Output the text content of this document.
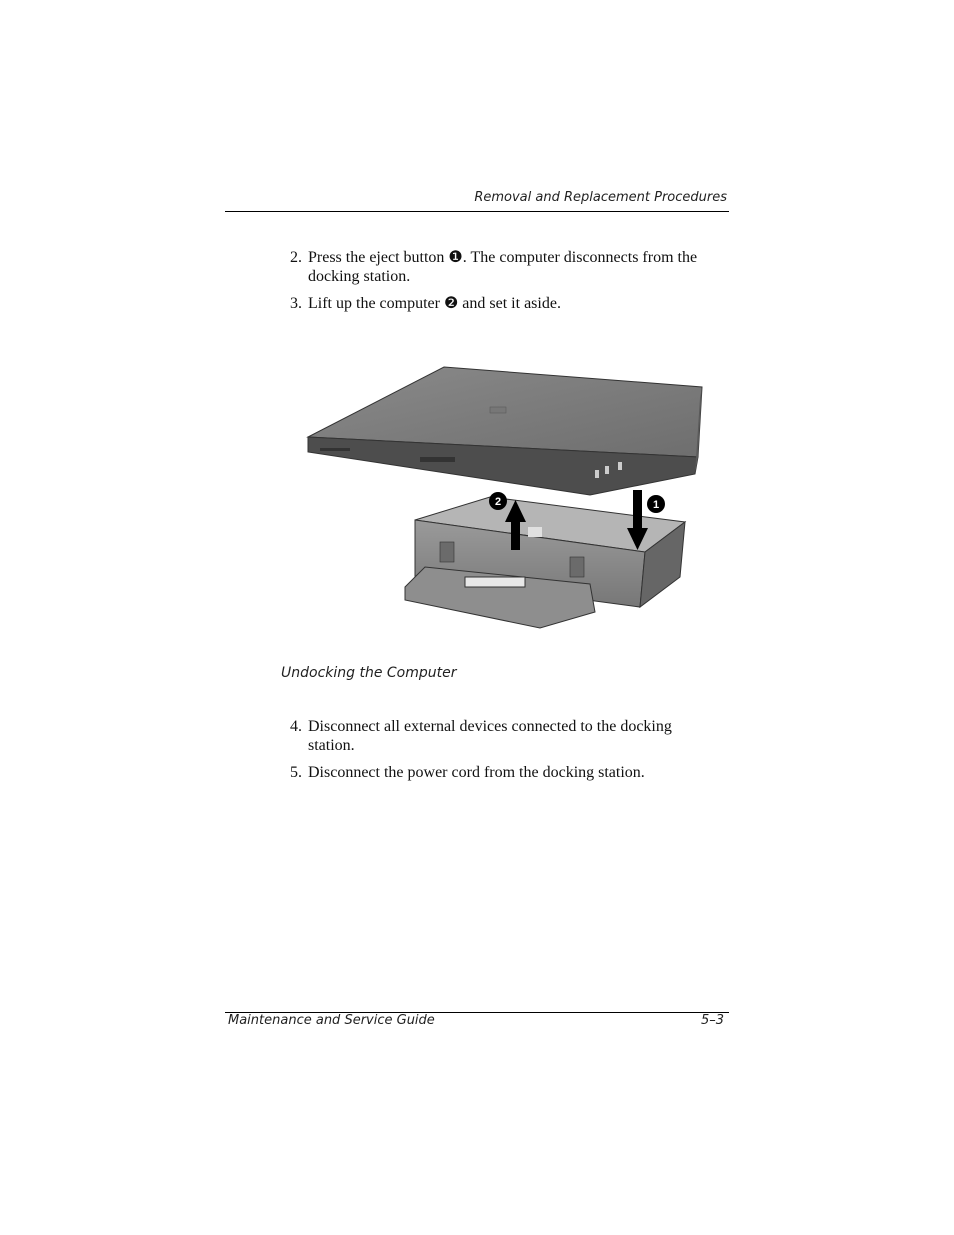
Removal and Replacement Procedures
2. Press the eject button ❶. The computer disconnects from the docking station.
3. Lift up the computer ❷ and set it aside.
2	1
Undocking the Computer
4. Disconnect all external devices connected to the docking station.
5. Disconnect the power cord from the docking station.
Maintenance and Service Guide	5–3
